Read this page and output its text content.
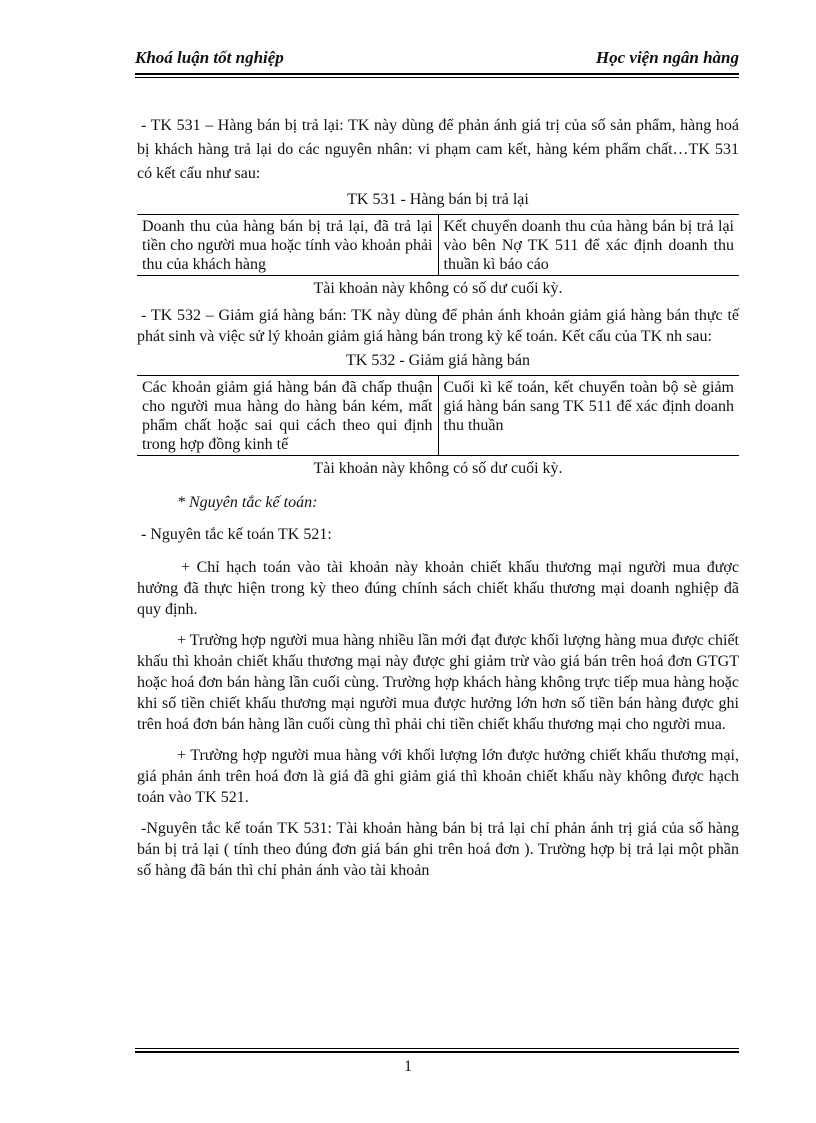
Khoá luận tốt nghiệp	Học viện ngân hàng

- TK 531 – Hàng bán bị trả lại: TK này dùng để phản ánh giá trị của số sản phẩm, hàng hoá bị khách hàng trả lại do các nguyên nhân: vi phạm cam kết, hàng kém phẩm chất…TK 531 có kết cấu như sau:

TK 531 - Hàng bán bị trả lại

Doanh thu của hàng bán bị trả lại, đã trả lại tiền cho người mua hoặc tính vào khoản phải thu của khách hàng	Kết chuyển doanh thu của hàng bán bị trả lại vào bên Nợ TK 511 để xác định doanh thu thuần kì báo cáo

Tài khoản này không có số dư cuối kỳ.

- TK 532 – Giảm giá hàng bán: TK này dùng để phản ánh khoản giảm giá hàng bán thực tế phát sinh và việc sử lý khoản giảm giá hàng bán trong kỳ kế toán. Kết cấu của TK nh sau:

TK 532 - Giảm giá hàng bán

Các khoản giảm giá hàng bán đã chấp thuận cho người mua hàng do hàng bán kém, mất phẩm chất hoặc sai qui cách theo qui định trong hợp đồng kinh tế	Cuối kì kế toán, kết chuyển toàn bộ sè giảm giá hàng bán sang TK 511 để xác định doanh thu thuần

Tài khoản này không có số dư cuối kỳ.

* Nguyên tắc kế toán:

- Nguyên tắc kế toán TK 521:

+ Chỉ hạch toán vào tài khoản này khoản chiết khấu thương mại người mua được hưởng đã thực hiện trong kỳ theo đúng chính sách chiết khấu thương mại doanh nghiệp đã quy định.

+ Trường hợp người mua hàng nhiều lần mới đạt được khối lượng hàng mua được chiết khấu thì khoản chiết khấu thương mại này được ghi giảm trừ vào giá bán trên hoá đơn GTGT hoặc hoá đơn bán hàng lần cuối cùng. Trường hợp khách hàng không trực tiếp mua hàng hoặc khi số tiền chiết khấu thương mại người mua được hưởng lớn hơn số tiền bán hàng được ghi trên hoá đơn bán hàng lần cuối cùng thì phải chi tiền chiết khấu thương mại cho người mua.

+ Trường hợp người mua hàng với khối lượng lớn được hưởng chiết khấu thương mại, giá phản ánh trên hoá đơn là giá đã ghi giảm giá thì khoản chiết khấu này không được hạch toán vào TK 521.

-Nguyên tắc kế toán TK 531: Tài khoản hàng bán bị trả lại chỉ phản ánh trị giá của số hàng bán bị trả lại ( tính theo đúng đơn giá bán ghi trên hoá đơn ). Trường hợp bị trả lại một phần số hàng đã bán thì chỉ phản ánh vào tài khoản

1
